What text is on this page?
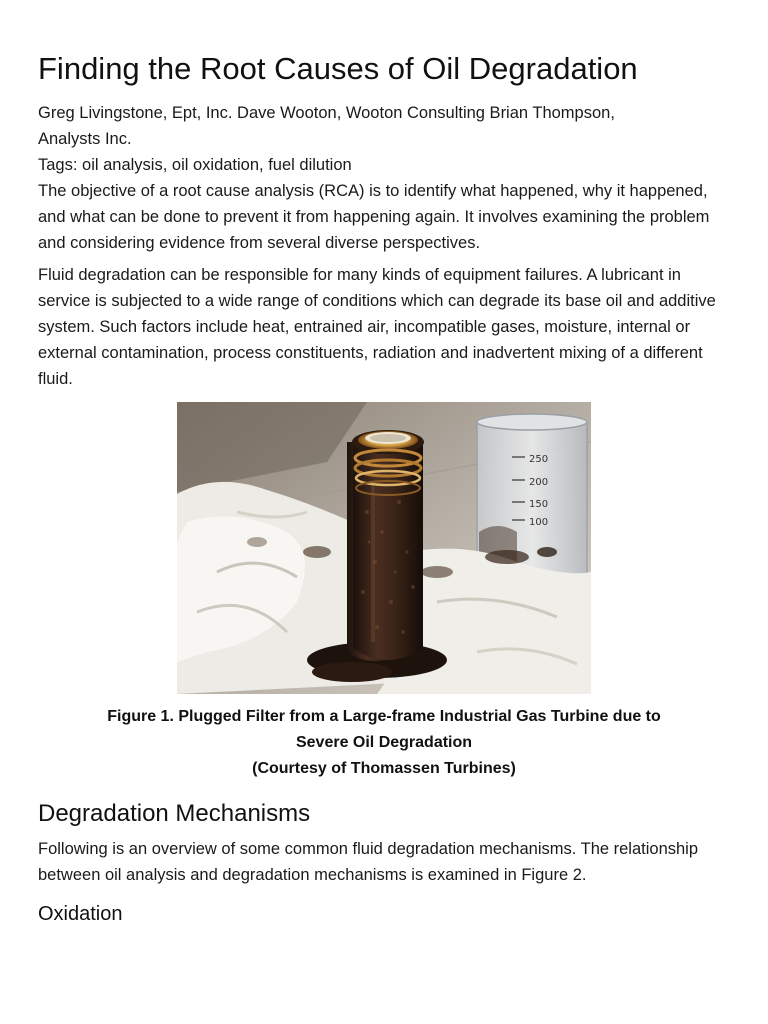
Finding the Root Causes of Oil Degradation

Greg Livingstone, Ept, Inc. Dave Wooton, Wooton Consulting Brian Thompson,
Analysts Inc.

Tags: oil analysis, oil oxidation, fuel dilution

The objective of a root cause analysis (RCA) is to identify what happened, why it happened, and what can be done to prevent it from happening again. It involves examining the problem and considering evidence from several diverse perspectives.

Fluid degradation can be responsible for many kinds of equipment failures. A lubricant in service is subjected to a wide range of conditions which can degrade its base oil and additive system. Such factors include heat, entrained air, incompatible gases, moisture, internal or external contamination, process constituents, radiation and inadvertent mixing of a different fluid.

250
200
150
100
Figure 1. Plugged Filter from a Large-frame Industrial Gas Turbine due to
Severe Oil Degradation
(Courtesy of Thomassen Turbines)
Degradation Mechanisms

Following is an overview of some common fluid degradation mechanisms. The relationship between oil analysis and degradation mechanisms is examined in Figure 2.

Oxidation
